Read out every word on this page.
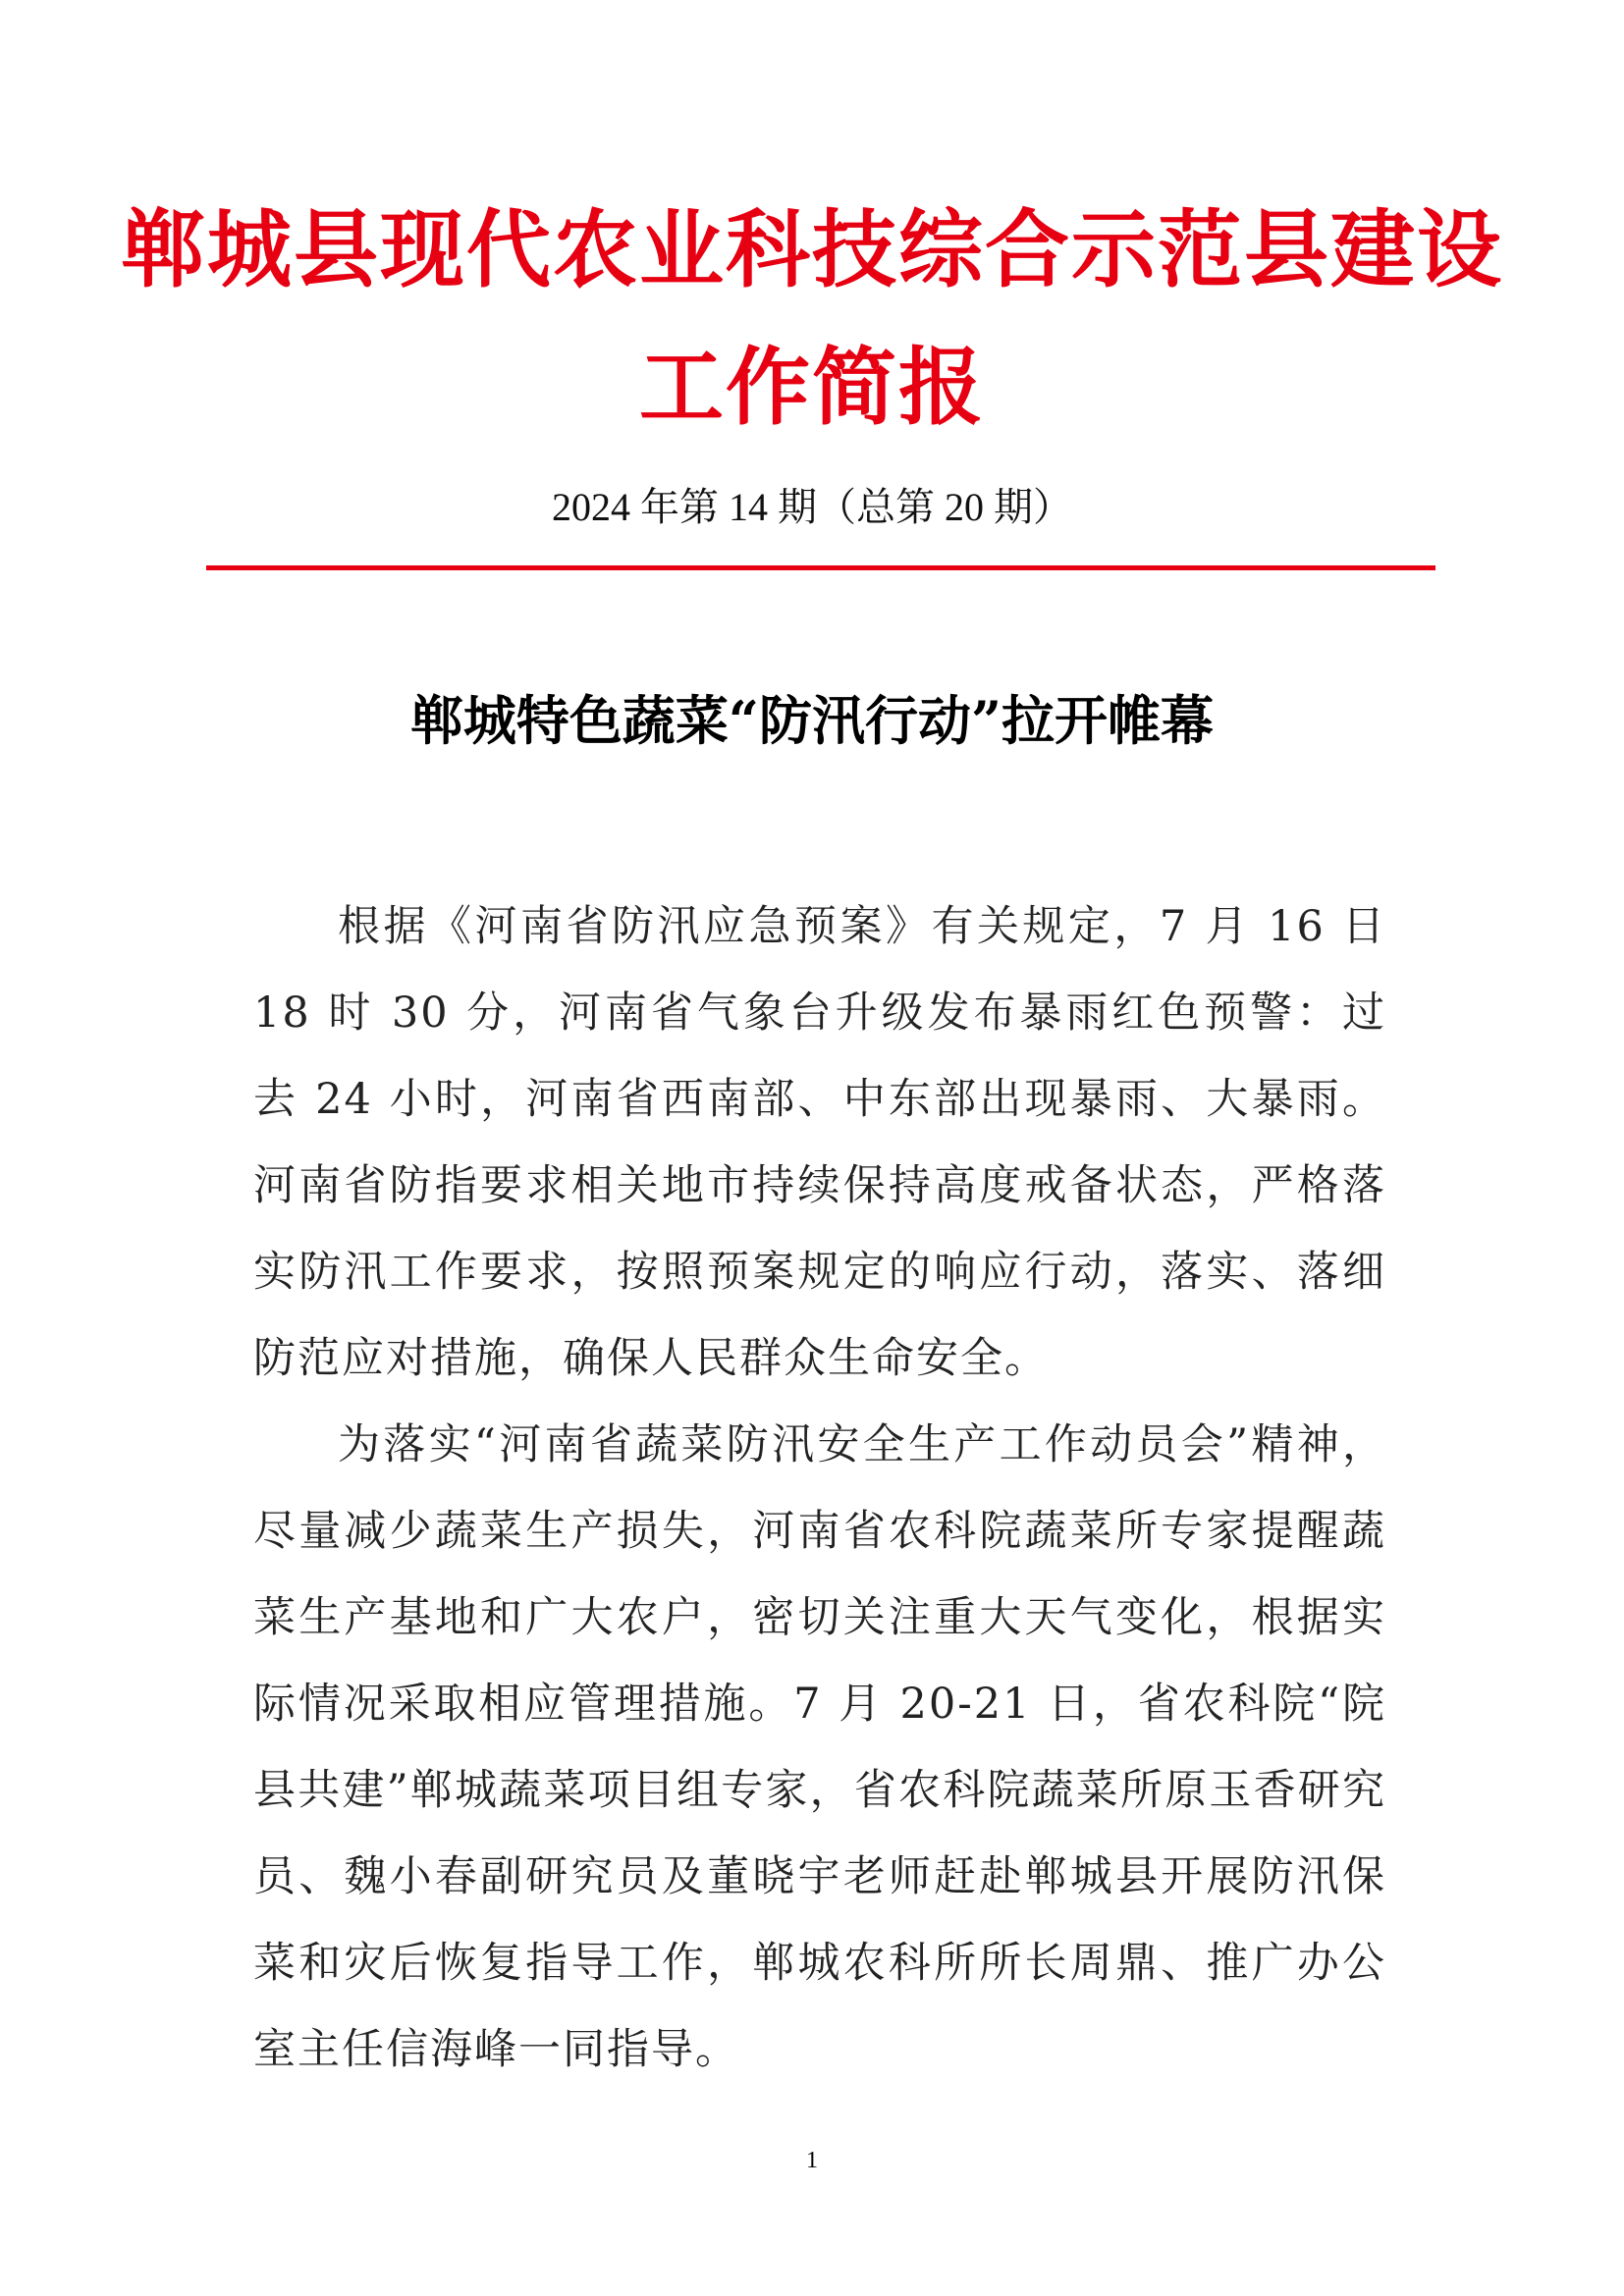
郸城县现代农业科技综合示范县建设
工作简报
2024 年第 14 期（总第 20 期）
郸城特色蔬菜“防汛行动”拉开帷幕

根据《河南省防汛应急预案》有关规定，7 月 16 日 18 时 30 分，河南省气象台升级发布暴雨红色预警：过去 24 小时，河南省西南部、中东部出现暴雨、大暴雨。河南省防指要求相关地市持续保持高度戒备状态，严格落实防汛工作要求，按照预案规定的响应行动，落实、落细防范应对措施，确保人民群众生命安全。

为落实“河南省蔬菜防汛安全生产工作动员会”精神，尽量减少蔬菜生产损失，河南省农科院蔬菜所专家提醒蔬菜生产基地和广大农户，密切关注重大天气变化，根据实际情况采取相应管理措施。7 月 20-21 日，省农科院“院县共建”郸城蔬菜项目组专家，省农科院蔬菜所原玉香研究员、魏小春副研究员及董晓宇老师赶赴郸城县开展防汛保菜和灾后恢复指导工作，郸城农科所所长周鼎、推广办公室主任信海峰一同指导。

1
